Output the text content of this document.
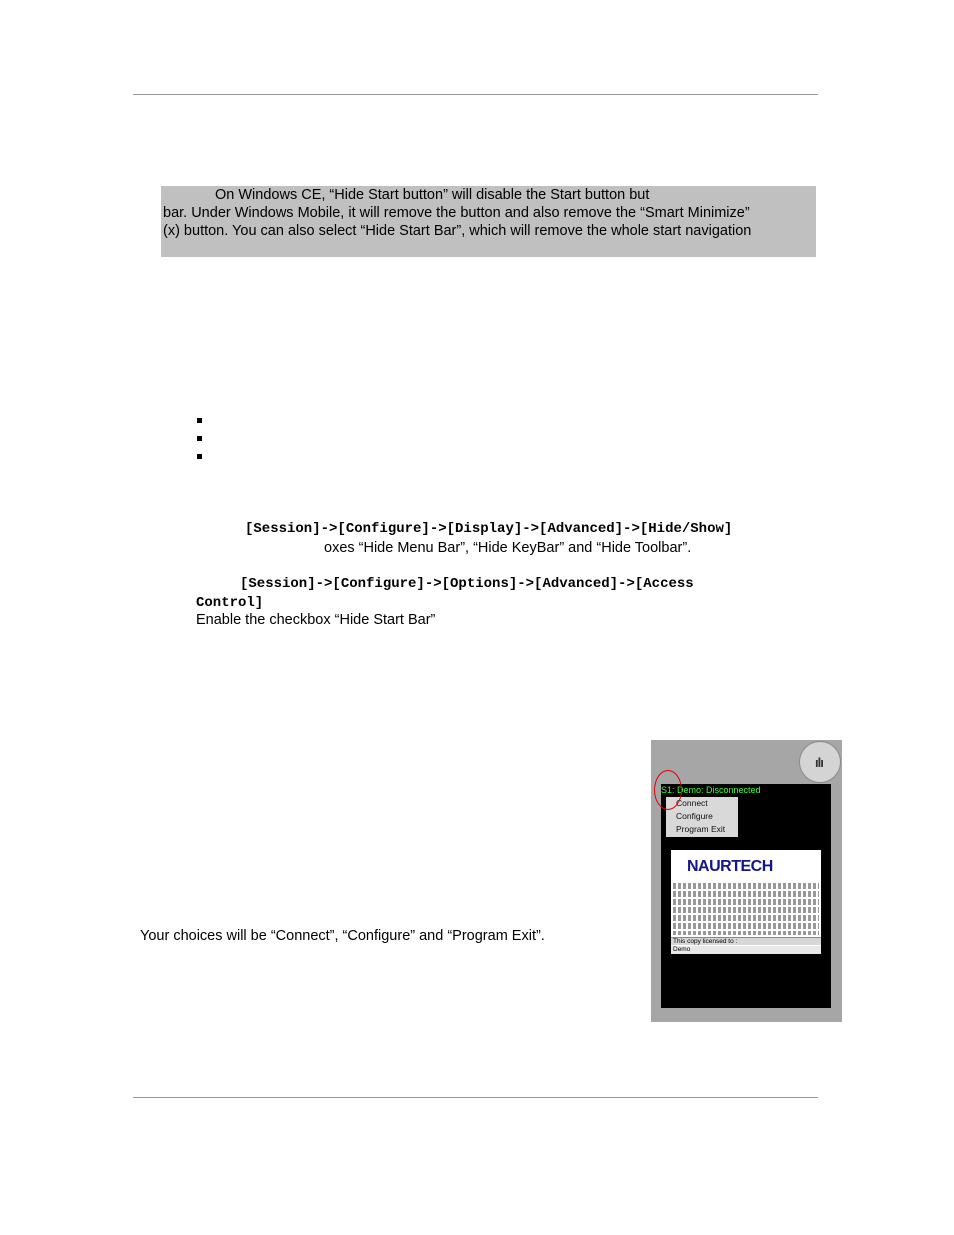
On Windows CE, “Hide Start button” will disable the Start button but

bar. Under Windows Mobile, it will remove the button and also remove the “Smart Minimize”

(x) button. You can also select “Hide Start Bar”, which will remove the whole start navigation

[Session]->[Configure]->[Display]->[Advanced]->[Hide/Show]
oxes “Hide Menu Bar”, “Hide KeyBar” and “Hide Toolbar”.
[Session]->[Configure]->[Options]->[Advanced]->[Access
Control]
Enable the checkbox “Hide Start Bar”
Your choices will be “Connect”, “Configure” and “Program Exit”.
ılı
S1: Demo: Disconnected
Connect
Configure
Program Exit
NAURTECH
This copy licensed to :
Demo
